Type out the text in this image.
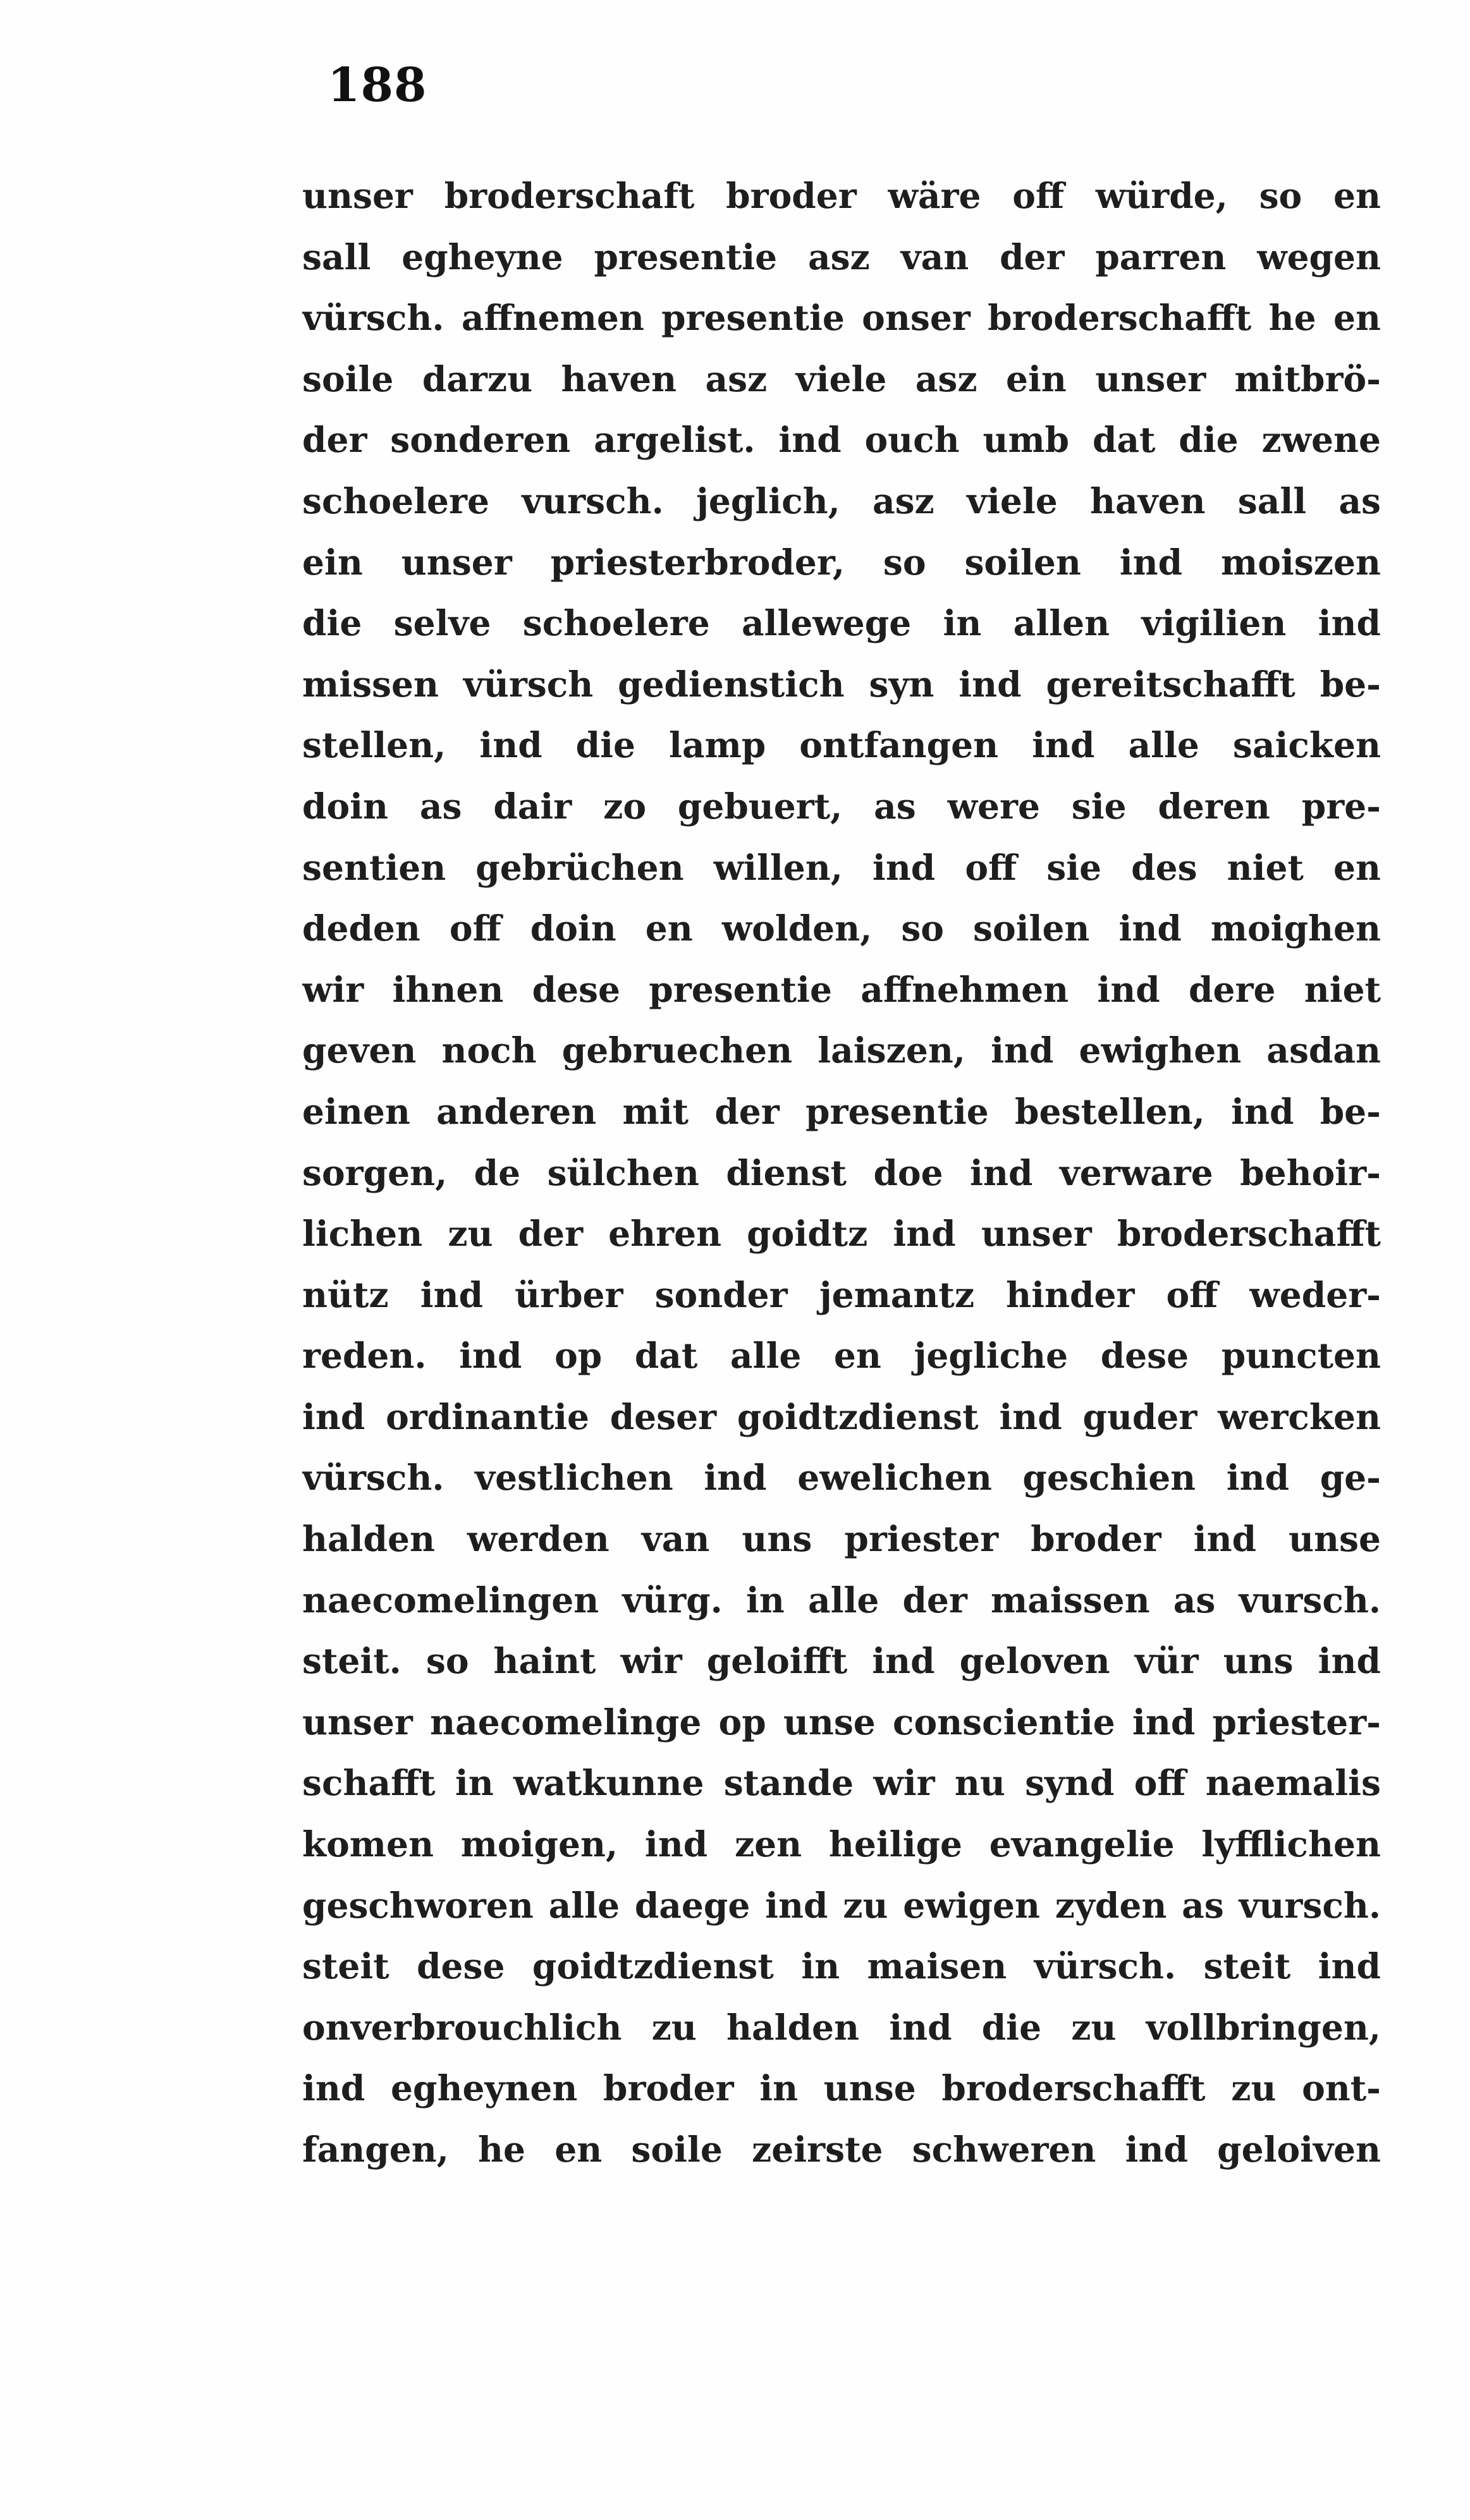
188
unser broderschaft broder wäre off würde, so en
sall egheyne presentie asz van der parren wegen
vürsch. affnemen presentie onser broderschafft he en
soile darzu haven asz viele asz ein unser mitbrö-
der sonderen argelist. ind ouch umb dat die zwene
schoelere vursch. jeglich, asz viele haven sall as
ein unser priesterbroder, so soilen ind moiszen
die selve schoelere allewege in allen vigilien ind
missen vürsch gedienstich syn ind gereitschafft be-
stellen, ind die lamp ontfangen ind alle saicken
doin as dair zo gebuert, as were sie deren pre-
sentien gebrüchen willen, ind off sie des niet en
deden off doin en wolden, so soilen ind moighen
wir ihnen dese presentie affnehmen ind dere niet
geven noch gebruechen laiszen, ind ewighen asdan
einen anderen mit der presentie bestellen, ind be-
sorgen, de sülchen dienst doe ind verware behoir-
lichen zu der ehren goidtz ind unser broderschafft
nütz ind ürber sonder jemantz hinder off weder-
reden. ind op dat alle en jegliche dese puncten
ind ordinantie deser goidtzdienst ind guder wercken
vürsch. vestlichen ind ewelichen geschien ind ge-
halden werden van uns priester broder ind unse
naecomelingen vürg. in alle der maissen as vursch.
steit. so haint wir geloifft ind geloven vür uns ind
unser naecomelinge op unse conscientie ind priester-
schafft in watkunne stande wir nu synd off naemalis
komen moigen, ind zen heilige evangelie lyfflichen
geschworen alle daege ind zu ewigen zyden as vursch.
steit dese goidtzdienst in maisen vürsch. steit ind
onverbrouchlich zu halden ind die zu vollbringen,
ind egheynen broder in unse broderschafft zu ont-
fangen, he en soile zeirste schweren ind geloiven
